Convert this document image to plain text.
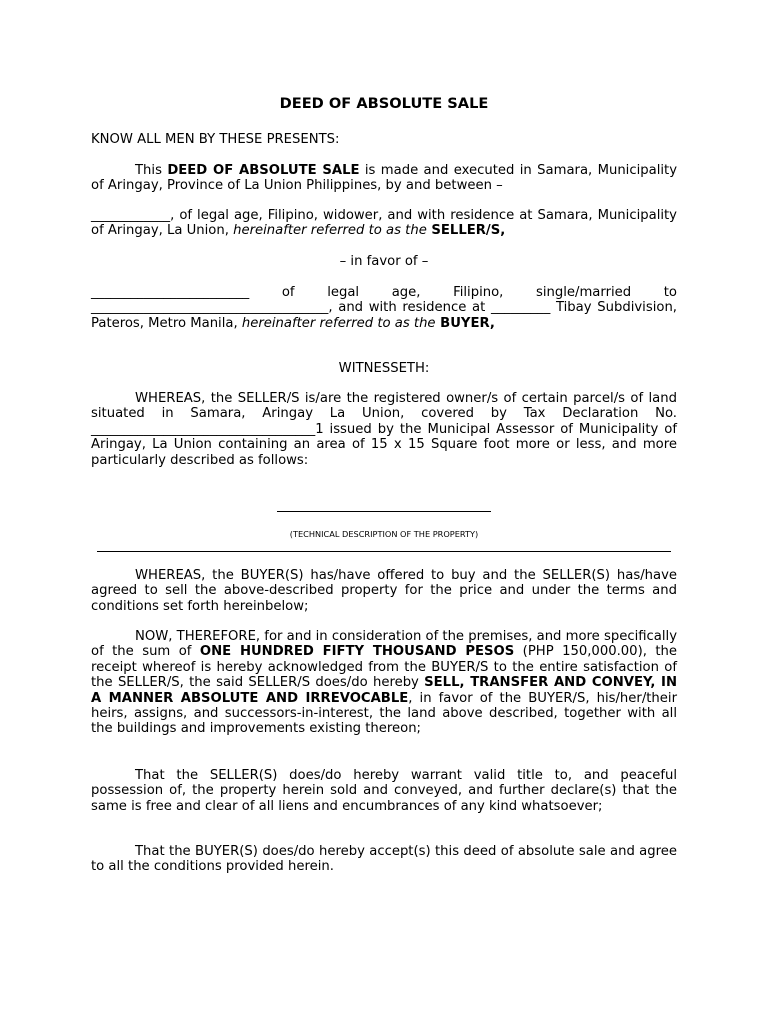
DEED OF ABSOLUTE SALE

KNOW ALL MEN BY THESE PRESENTS:

This DEED OF ABSOLUTE SALE is made and executed in Samara, Municipality of Aringay, Province of La Union Philippines, by and between –

____________, of legal age, Filipino, widower, and with residence at Samara, Municipality of Aringay, La Union, hereinafter referred to as the SELLER/S,

– in favor of –

________________________ of legal age, Filipino, single/married to ____________________________________, and with residence at _________ Tibay Subdivision, Pateros, Metro Manila, hereinafter referred to as the BUYER,

WITNESSETH:

WHEREAS, the SELLER/S is/are the registered owner/s of certain parcel/s of land situated in Samara, Aringay La Union, covered by Tax Declaration No. __________________________________1 issued by the Municipal Assessor of Municipality of Aringay, La Union containing an area of 15 x 15 Square foot more or less, and more particularly described as follows:

(TECHNICAL DESCRIPTION OF THE PROPERTY)

WHEREAS, the BUYER(S) has/have offered to buy and the SELLER(S) has/have agreed to sell the above-described property for the price and under the terms and conditions set forth hereinbelow;

NOW, THEREFORE, for and in consideration of the premises, and more specifically of the sum of ONE HUNDRED FIFTY THOUSAND PESOS (PHP 150,000.00), the receipt whereof is hereby acknowledged from the BUYER/S to the entire satisfaction of the SELLER/S, the said SELLER/S does/do hereby SELL, TRANSFER AND CONVEY, IN A MANNER ABSOLUTE AND IRREVOCABLE, in favor of the BUYER/S, his/her/their heirs, assigns, and successors-in-interest, the land above described, together with all the buildings and improvements existing thereon;

That the SELLER(S) does/do hereby warrant valid title to, and peaceful possession of, the property herein sold and conveyed, and further declare(s) that the same is free and clear of all liens and encumbrances of any kind whatsoever;

That the BUYER(S) does/do hereby accept(s) this deed of absolute sale and agree to all the conditions provided herein.
